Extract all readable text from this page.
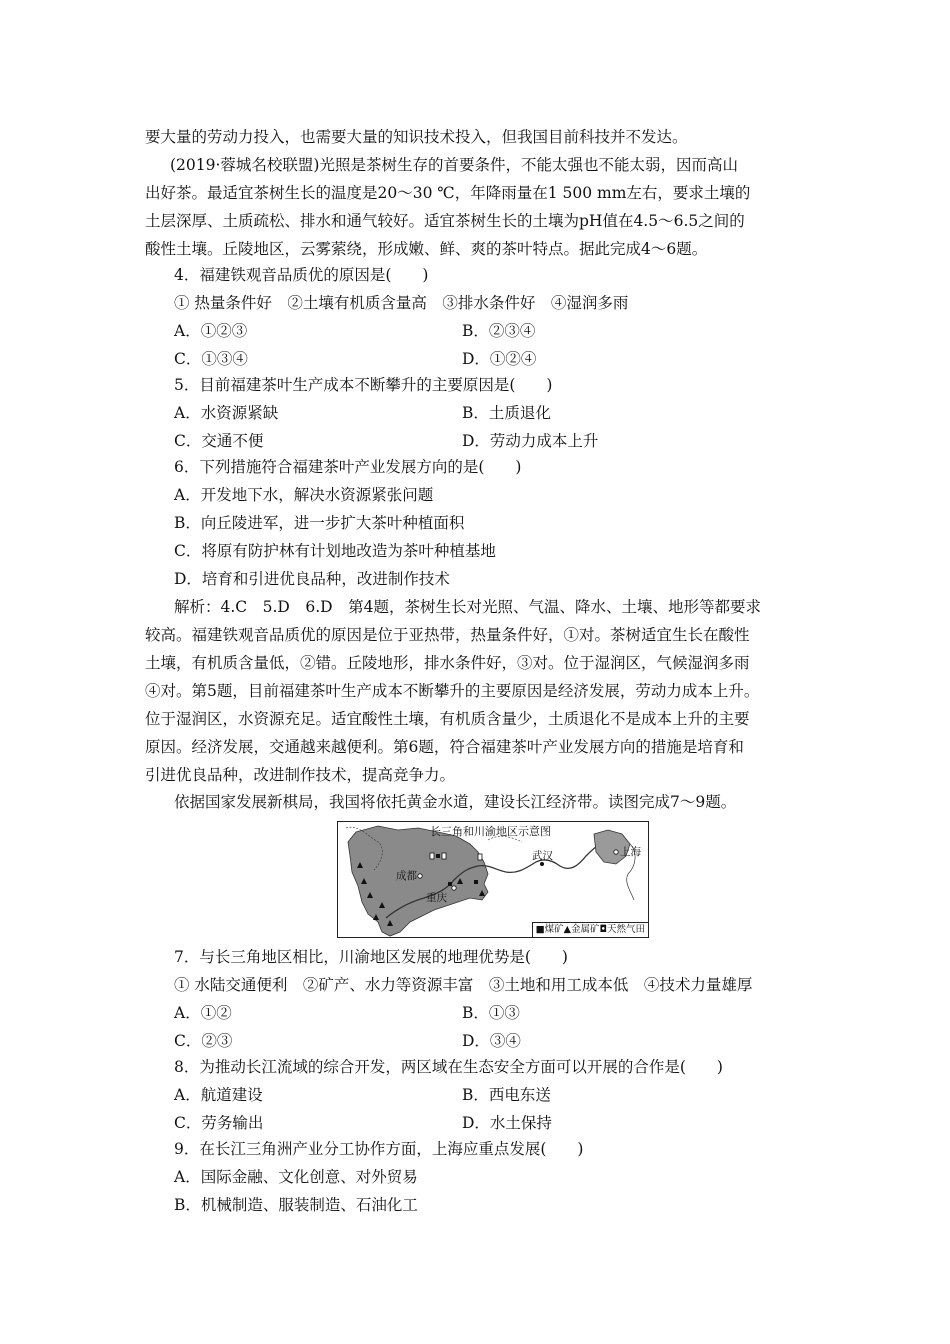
要大量的劳动力投入，也需要大量的知识技术投入，但我国目前科技并不发达。
(2019·蓉城名校联盟)光照是茶树生存的首要条件，不能太强也不能太弱，因而高山
出好茶。最适宜茶树生长的温度是20～30 ℃，年降雨量在1 500 mm左右，要求土壤的
土层深厚、土质疏松、排水和通气较好。适宜茶树生长的土壤为pH值在4.5～6.5之间的
酸性土壤。丘陵地区，云雾萦绕，形成嫩、鲜、爽的茶叶特点。据此完成4～6题。
4．福建铁观音品质优的原因是(　　)
① 热量条件好　②土壤有机质含量高　③排水条件好　④湿润多雨
A．①②③	B．②③④
C．①③④	D．①②④
5．目前福建茶叶生产成本不断攀升的主要原因是(　　)
A．水资源紧缺	B．土质退化
C．交通不便	D．劳动力成本上升
6．下列措施符合福建茶叶产业发展方向的是(　　)
A．开发地下水，解决水资源紧张问题
B．向丘陵进军，进一步扩大茶叶种植面积
C．将原有防护林有计划地改造为茶叶种植基地
D．培育和引进优良品种，改进制作技术
解析：4.C　5.D　6.D　第4题，茶树生长对光照、气温、降水、土壤、地形等都要求
较高。福建铁观音品质优的原因是位于亚热带，热量条件好，①对。茶树适宜生长在酸性
土壤，有机质含量低，②错。丘陵地形，排水条件好，③对。位于湿润区，气候湿润多雨
④对。第5题，目前福建茶叶生产成本不断攀升的主要原因是经济发展，劳动力成本上升。
位于湿润区，水资源充足。适宜酸性土壤，有机质含量少，土质退化不是成本上升的主要
原因。经济发展，交通越来越便利。第6题，符合福建茶叶产业发展方向的措施是培育和
引进优良品种，改进制作技术，提高竞争力。
依据国家发展新棋局，我国将依托黄金水道，建设长江经济带。读图完成7～9题。
长三角和川渝地区示意图
成都
重庆
武汉	上海
■煤矿▲金属矿◘天然气田
7．与长三角地区相比，川渝地区发展的地理优势是(　　)
① 水陆交通便利　②矿产、水力等资源丰富　③土地和用工成本低　④技术力量雄厚
A．①②	B．①③
C．②③	D．③④
8．为推动长江流域的综合开发，两区域在生态安全方面可以开展的合作是(　　)
A．航道建设	B．西电东送
C．劳务输出	D．水土保持
9．在长江三角洲产业分工协作方面，上海应重点发展(　　)
A．国际金融、文化创意、对外贸易
B．机械制造、服装制造、石油化工
